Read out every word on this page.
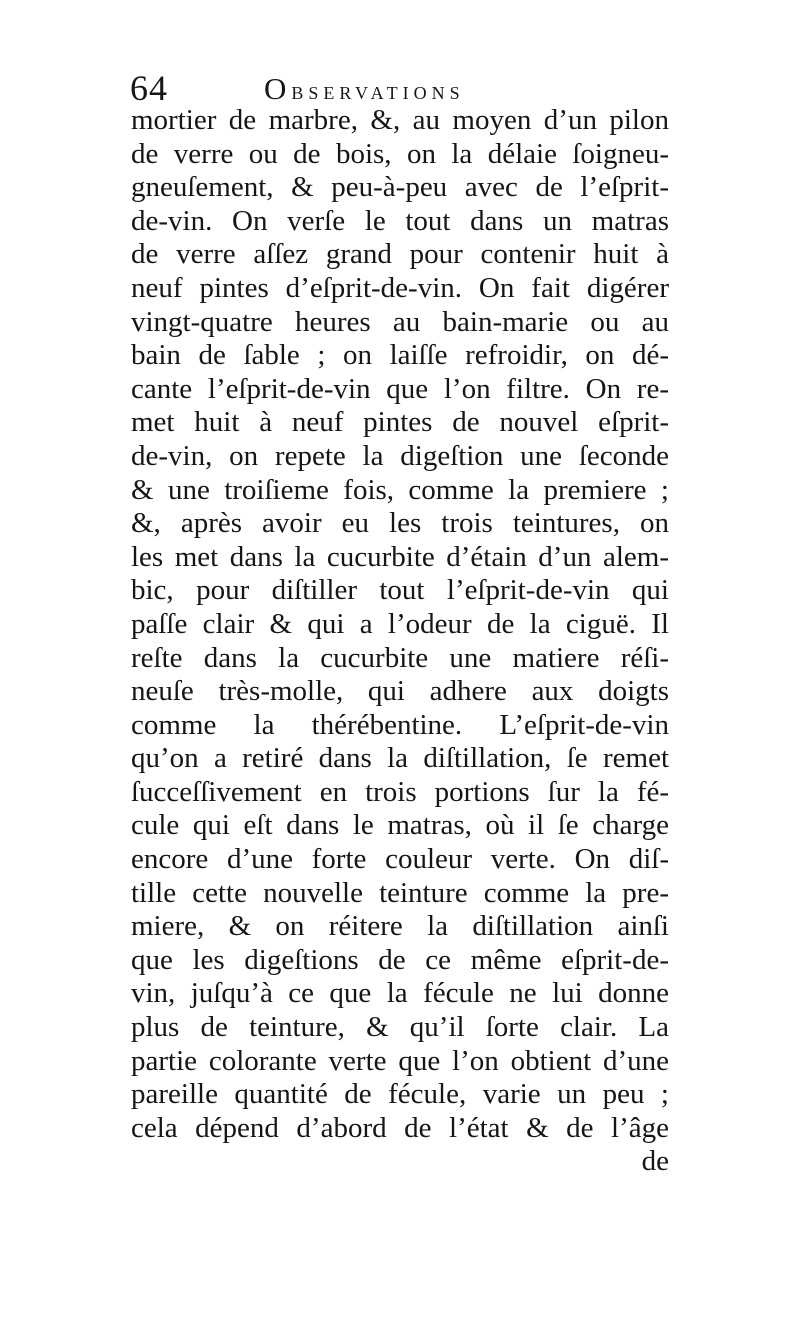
64	Observations
mortier de marbre, &, au moyen d’un pilon
de verre ou de bois, on la délaie ſoigneu-
gneuſement, & peu-à-peu avec de l’eſprit-
de-vin. On verſe le tout dans un matras
de verre aſſez grand pour contenir huit à
neuf pintes d’eſprit-de-vin. On fait digérer
vingt-quatre heures au bain-marie ou au
bain de ſable ; on laiſſe refroidir, on dé-
cante l’eſprit-de-vin que l’on filtre. On re-
met huit à neuf pintes de nouvel eſprit-
de-vin, on repete la digeſtion une ſeconde
& une troiſieme fois, comme la premiere ;
&, après avoir eu les trois teintures, on
les met dans la cucurbite d’étain d’un alem-
bic, pour diſtiller tout l’eſprit-de-vin qui
paſſe clair & qui a l’odeur de la ciguë. Il
reſte dans la cucurbite une matiere réſi-
neuſe très-molle, qui adhere aux doigts
comme la thérébentine. L’eſprit-de-vin
qu’on a retiré dans la diſtillation, ſe remet
ſucceſſivement en trois portions ſur la fé-
cule qui eſt dans le matras, où il ſe charge
encore d’une forte couleur verte. On diſ-
tille cette nouvelle teinture comme la pre-
miere, & on réitere la diſtillation ainſi
que les digeſtions de ce même eſprit-de-
vin, juſqu’à ce que la fécule ne lui donne
plus de teinture, & qu’il ſorte clair. La
partie colorante verte que l’on obtient d’une
pareille quantité de fécule, varie un peu ;
cela dépend d’abord de l’état & de l’âge
de
